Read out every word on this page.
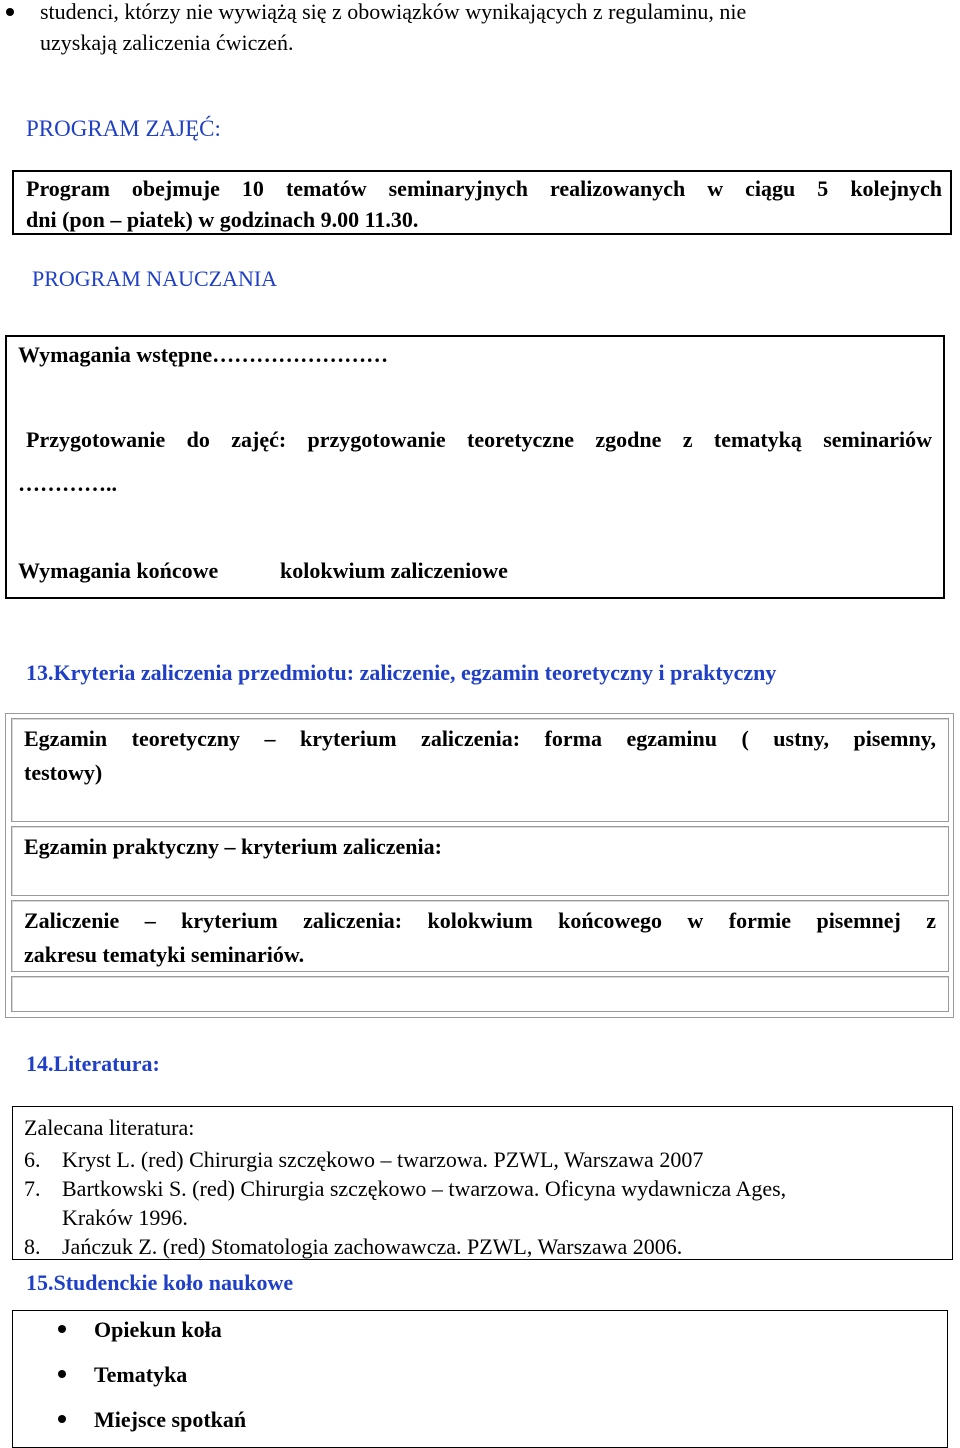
studenci, którzy nie wywiążą się z obowiązków wynikających z regulaminu, nie
uzyskają zaliczenia ćwiczeń.
PROGRAM ZAJĘĆ:
Program obejmuje 10 tematów seminaryjnych realizowanych w ciągu 5 kolejnych
dni (pon – piatek) w godzinach 9.00 11.30.
PROGRAM NAUCZANIA
Wymagania wstępne……………………
Przygotowanie do zajęć: przygotowanie teoretyczne zgodne z tematyką seminariów
…………..
Wymagania końcowe	kolokwium zaliczeniowe
13.Kryteria zaliczenia przedmiotu: zaliczenie, egzamin teoretyczny i praktyczny
Egzamin teoretyczny – kryterium zaliczenia: forma egzaminu ( ustny, pisemny,
testowy)
Egzamin praktyczny – kryterium zaliczenia:
Zaliczenie – kryterium zaliczenia: kolokwium końcowego w formie pisemnej z
zakresu tematyki seminariów.
14.Literatura:
Zalecana literatura:
6. Kryst L. (red) Chirurgia szczękowo – twarzowa. PZWL, Warszawa 2007
7. Bartkowski S. (red) Chirurgia szczękowo – twarzowa. Oficyna wydawnicza Ages,
Kraków 1996.
8. Jańczuk Z. (red) Stomatologia zachowawcza. PZWL, Warszawa 2006.
15.Studenckie koło naukowe
Opiekun koła
Tematyka
Miejsce spotkań
